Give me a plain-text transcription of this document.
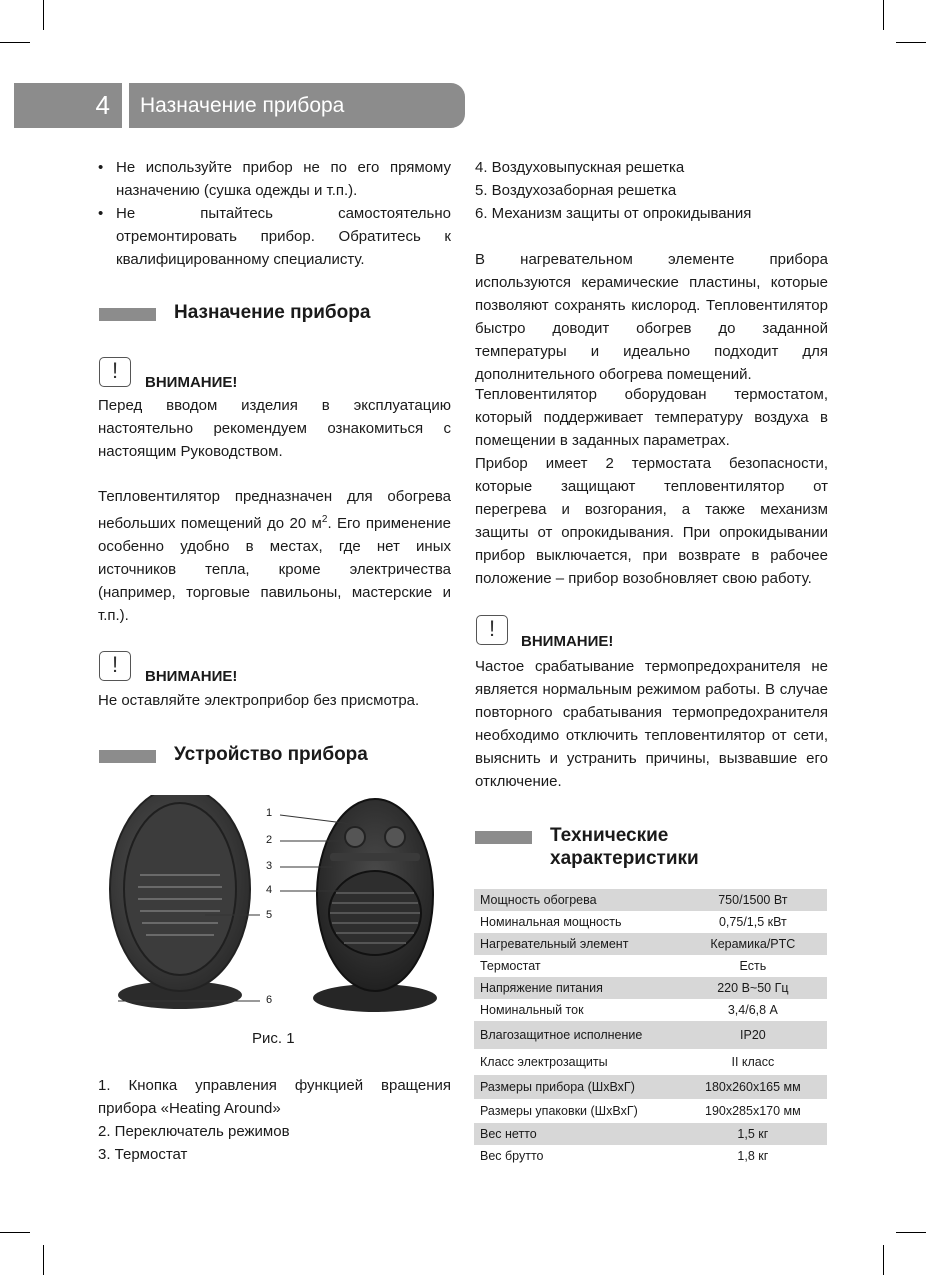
4	Назначение прибора
• Не используйте прибор не по его прямому назначению (сушка одежды и т.п.).
• Не пытайтесь самостоятельно отремонтировать прибор. Обратитесь к квалифицированному специалисту.
Назначение прибора
!	ВНИМАНИЕ!

Перед вводом изделия в эксплуатацию настоятельно рекомендуем ознакомиться с настоящим Руководством.

Тепловентилятор предназначен для обогрева небольших помещений до 20 $м^2$. Его применение особенно удобно в местах, где нет иных источников тепла, кроме электричества (например, торговые павильоны, мастерские и т.п.).

!	ВНИМАНИЕ!

Не оставляйте электроприбор без присмотра.

Устройство прибора
1
2
3
4
5
6
Рис. 1
1. Кнопка управления функцией вращения прибора «Heating Around»
2. Переключатель режимов
3. Термостат
4. Воздуховыпускная решетка
5. Воздухозаборная решетка
6. Механизм защиты от опрокидывания

В нагревательном элементе прибора используются керамические пластины, которые позволяют сохранять кислород. Тепловентилятор быстро доводит обогрев до заданной температуры и идеально подходит для дополнительного обогрева помещений.

Тепловентилятор оборудован термостатом, который поддерживает температуру воздуха в помещении в заданных параметрах.

Прибор имеет 2 термостата безопасности, которые защищают тепловентилятор от перегрева и возгорания, а также механизм защиты от опрокидывания. При опрокидывании прибор выключается, при возврате в рабочее положение – прибор возобновляет свою работу.

!
ВНИМАНИЕ!

Частое срабатывание термопредохранителя не является нормальным режимом работы. В случае повторного срабатывания термопредохранителя необходимо отключить тепловентилятор от сети, выяснить и устранить причины, вызвавшие его отключение.

Технические
характеристики
Мощность обогрева	750/1500 Вт
Номинальная мощность	0,75/1,5 кВт
Нагревательный элемент	Керамика/PTC
Термостат	Есть
Напряжение питания	220 В~50 Гц
Номинальный ток	3,4/6,8 А
Влагозащитное исполнение	IP20
Класс электрозащиты	II класс
Размеры прибора (ШхВхГ)	180х260х165 мм
Размеры упаковки (ШхВхГ)	190х285х170 мм
Вес нетто	1,5 кг
Вес брутто	1,8 кг
